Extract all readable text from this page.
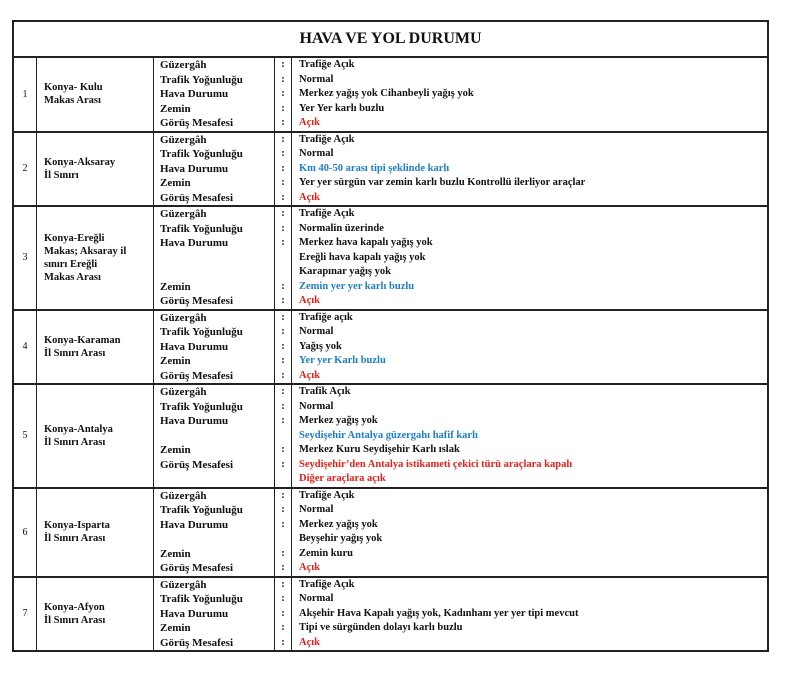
HAVA VE YOL DURUMU
1
Konya- Kulu
Makas Arası
Güzergâh
Trafik Yoğunluğu
Hava Durumu
Zemin
Görüş Mesafesi
:
:
:
:
:
Trafiğe Açık
Normal
Merkez yağış yok Cihanbeyli yağış yok
Yer Yer karlı buzlu
Açık
2
Konya-Aksaray
İl Sınırı
Güzergâh
Trafik Yoğunluğu
Hava Durumu
Zemin
Görüş Mesafesi
:
:
:
:
:
Trafiğe Açık
Normal
Km 40-50 arası tipi şeklinde karlı
Yer yer sürgün var zemin karlı buzlu Kontrollü ilerliyor araçlar
Açık
3
Konya-Ereğli
Makas; Aksaray il
sınırı Ereğli
Makas Arası
Güzergâh
Trafik Yoğunluğu
Hava Durumu
Zemin
Görüş Mesafesi
:
:
:
:
:
Trafiğe Açık
Normalin üzerinde
Merkez hava kapalı yağış yok
Ereğli hava kapalı yağış yok
Karapınar yağış yok
Zemin yer yer karlı buzlu
Açık
4
Konya-Karaman
İl Sınırı Arası
Güzergâh
Trafik Yoğunluğu
Hava Durumu
Zemin
Görüş Mesafesi
:
:
:
:
:
Trafiğe açık
Normal
Yağış yok
Yer yer Karlı buzlu
Açık
5
Konya-Antalya
İl Sınırı Arası
Güzergâh
Trafik Yoğunluğu
Hava Durumu
Zemin
Görüş Mesafesi
:
:
:
:
:
Trafik Açık
Normal
Merkez yağış yok
Seydişehir Antalya güzergahı hafif karlı
Merkez Kuru Seydişehir Karlı ıslak
Seydişehir’den Antalya istikameti çekici türü araçlara kapalı
Diğer araçlara açık
6
Konya-Isparta
İl Sınırı Arası
Güzergâh
Trafik Yoğunluğu
Hava Durumu
Zemin
Görüş Mesafesi
:
:
:
:
:
Trafiğe Açık
Normal
Merkez yağış yok
Beyşehir yağış yok
Zemin kuru
Açık
7
Konya-Afyon
İl Sınırı Arası
Güzergâh
Trafik Yoğunluğu
Hava Durumu
Zemin
Görüş Mesafesi
:
:
:
:
:
Trafiğe Açık
Normal
Akşehir Hava Kapalı yağış yok, Kadınhanı yer yer tipi mevcut
Tipi ve sürgünden dolayı karlı buzlu
Açık
